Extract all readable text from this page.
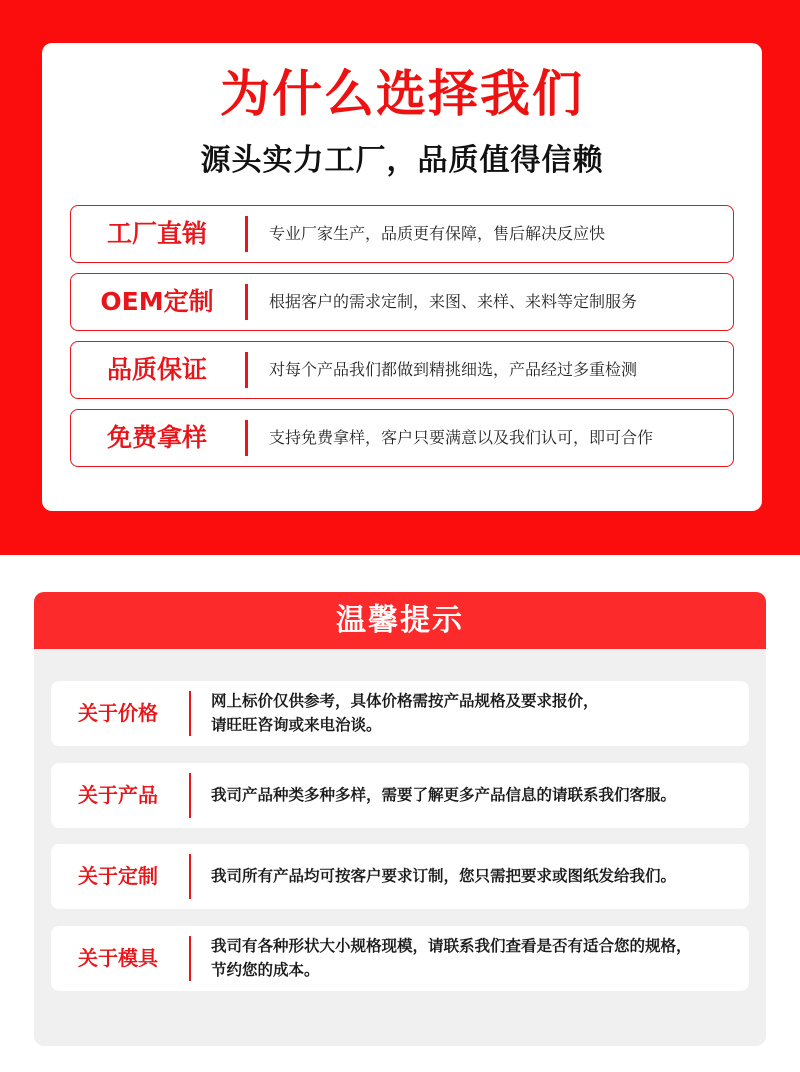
为什么选择我们
源头实力工厂，品质值得信赖
工厂直销	专业厂家生产，品质更有保障，售后解决反应快
OEM定制	根据客户的需求定制，来图、来样、来料等定制服务
品质保证	对每个产品我们都做到精挑细选，产品经过多重检测
免费拿样	支持免费拿样，客户只要满意以及我们认可，即可合作
温馨提示
关于价格	网上标价仅供参考，具体价格需按产品规格及要求报价，
请旺旺咨询或来电治谈。
关于产品	我司产品种类多种多样，需要了解更多产品信息的请联系我们客服。
关于定制	我司所有产品均可按客户要求订制，您只需把要求或图纸发给我们。
关于模具	我司有各种形状大小规格现模，请联系我们查看是否有适合您的规格，
节约您的成本。
